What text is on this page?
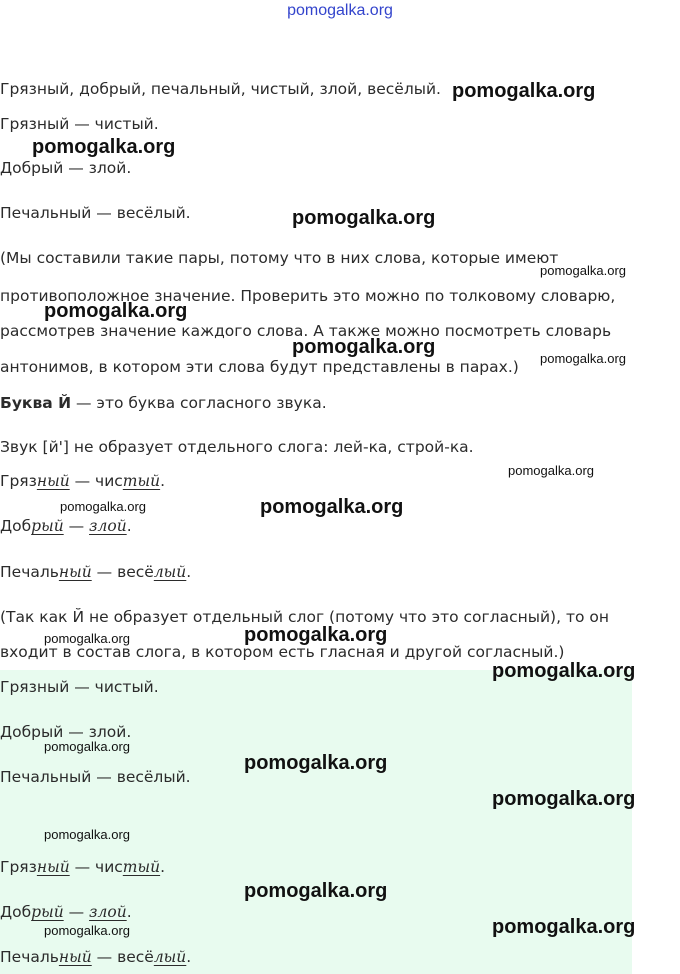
pomogalka.org
Грязный, добрый, печальный, чистый, злой, весёлый.
Грязный — чистый.
Добрый — злой.
Печальный — весёлый.
(Мы составили такие пары, потому что в них слова, которые имеют
противоположное значение. Проверить это можно по толковому словарю,
рассмотрев значение каждого слова. А также можно посмотреть словарь
антонимов, в котором эти слова будут представлены в парах.)
Буква Й — это буква согласного звука.
Звук [й'] не образует отдельного слога: лей-ка, строй-ка.
Грязный — чистый.
Добрый — злой.
Печальный — весёлый.
(Так как Й не образует отдельный слог (потому что это согласный), то он
входит в состав слога, в котором есть гласная и другой согласный.)
Грязный — чистый.
Добрый — злой.
Печальный — весёлый.
Грязный — чистый.
Добрый — злой.
Печальный — весёлый.
pomogalka.org
pomogalka.org
pomogalka.org
pomogalka.org
pomogalka.org
pomogalka.org
pomogalka.org
pomogalka.org
pomogalka.org	pomogalka.org
pomogalka.org
pomogalka.org
pomogalka.org
pomogalka.org
pomogalka.org
pomogalka.org
pomogalka.org
pomogalka.org
pomogalka.org	pomogalka.org
